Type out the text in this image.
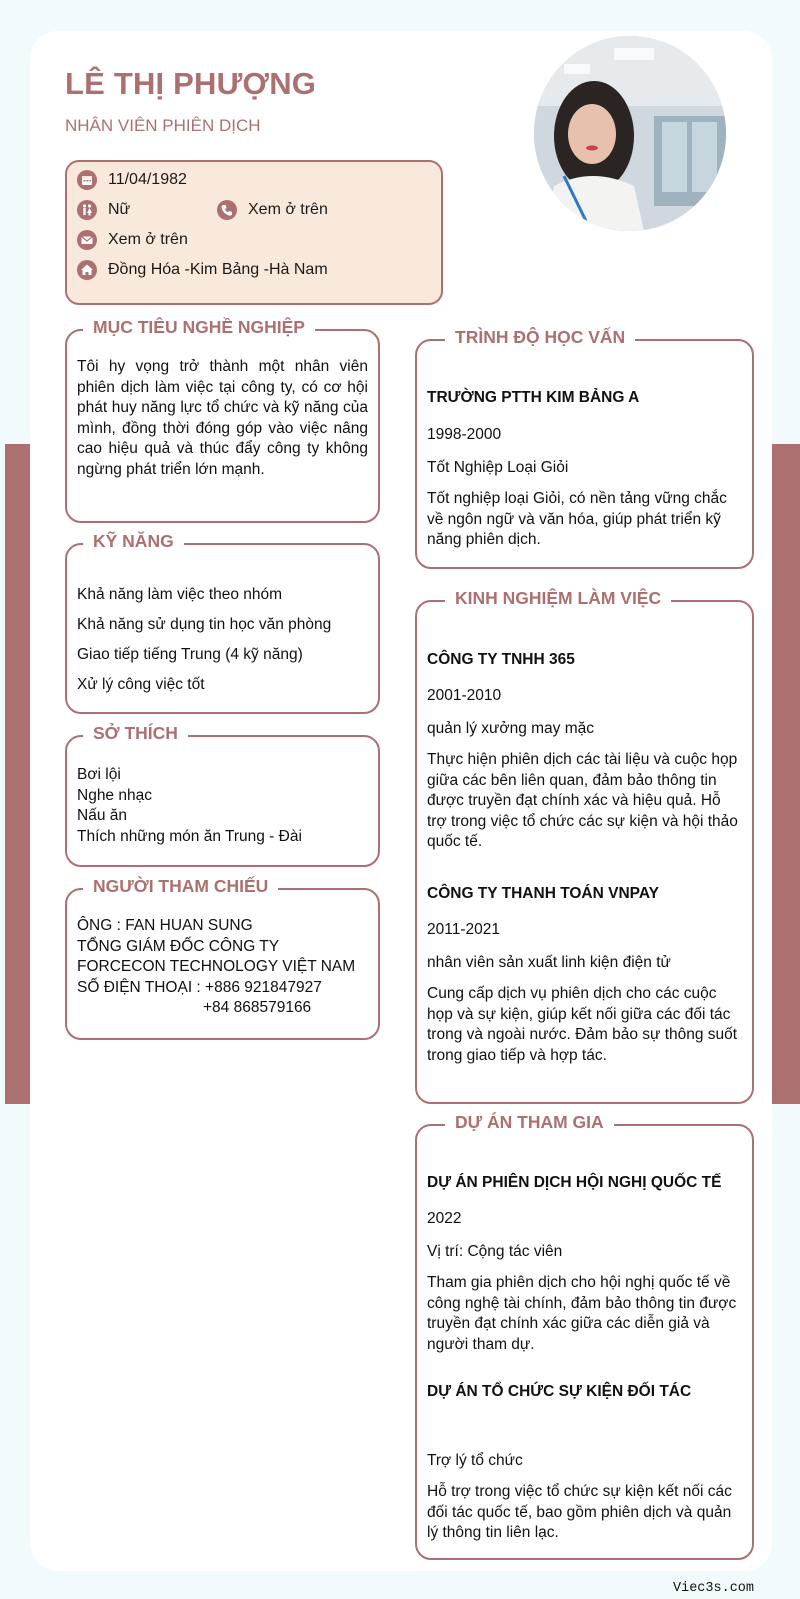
LÊ THỊ PHƯỢNG
NHÂN VIÊN PHIÊN DỊCH
11/04/1982
Nữ	Xem ở trên
Xem ở trên
Đồng Hóa -Kim Bảng -Hà Nam
MỤC TIÊU NGHỀ NGHIỆP
Tôi hy vọng trở thành một nhân viên phiên dịch làm việc tại công ty, có cơ hội phát huy năng lực tổ chức và kỹ năng của mình, đồng thời đóng góp vào việc nâng cao hiệu quả và thúc đẩy công ty không ngừng phát triển lớn mạnh.
KỸ NĂNG
Khả năng làm việc theo nhóm
Khả năng sử dụng tin học văn phòng
Giao tiếp tiếng Trung (4 kỹ năng)
Xử lý công việc tốt
SỞ THÍCH
Bơi lội
Nghe nhạc
Nấu ăn
Thích những món ăn Trung - Đài
NGƯỜI THAM CHIẾU
ÔNG : FAN HUAN SUNG
TỔNG GIÁM ĐỐC CÔNG TY FORCECON TECHNOLOGY VIỆT NAM
SỐ ĐIỆN THOẠI : +886 921847927
+84 868579166
TRÌNH ĐỘ HỌC VẤN
TRƯỜNG PTTH KIM BẢNG A
1998-2000
Tốt Nghiệp Loại Giỏi
Tốt nghiệp loại Giỏi, có nền tảng vững chắc về ngôn ngữ và văn hóa, giúp phát triển kỹ năng phiên dịch.
KINH NGHIỆM LÀM VIỆC
CÔNG TY TNHH 365
2001-2010
quản lý xưởng may mặc
Thực hiện phiên dịch các tài liệu và cuộc họp giữa các bên liên quan, đảm bảo thông tin được truyền đạt chính xác và hiệu quả. Hỗ trợ trong việc tổ chức các sự kiện và hội thảo quốc tế.
CÔNG TY THANH TOÁN VNPAY
2011-2021
nhân viên sản xuất linh kiện điện tử
Cung cấp dịch vụ phiên dịch cho các cuộc họp và sự kiện, giúp kết nối giữa các đối tác trong và ngoài nước. Đảm bảo sự thông suốt trong giao tiếp và hợp tác.
DỰ ÁN THAM GIA
DỰ ÁN PHIÊN DỊCH HỘI NGHỊ QUỐC TẾ
2022
Vị trí: Cộng tác viên
Tham gia phiên dịch cho hội nghị quốc tế về công nghệ tài chính, đảm bảo thông tin được truyền đạt chính xác giữa các diễn giả và người tham dự.
DỰ ÁN TỔ CHỨC SỰ KIỆN ĐỐI TÁC
Trợ lý tổ chức
Hỗ trợ trong việc tổ chức sự kiện kết nối các đối tác quốc tế, bao gồm phiên dịch và quản lý thông tin liên lạc.
Viec3s.com
